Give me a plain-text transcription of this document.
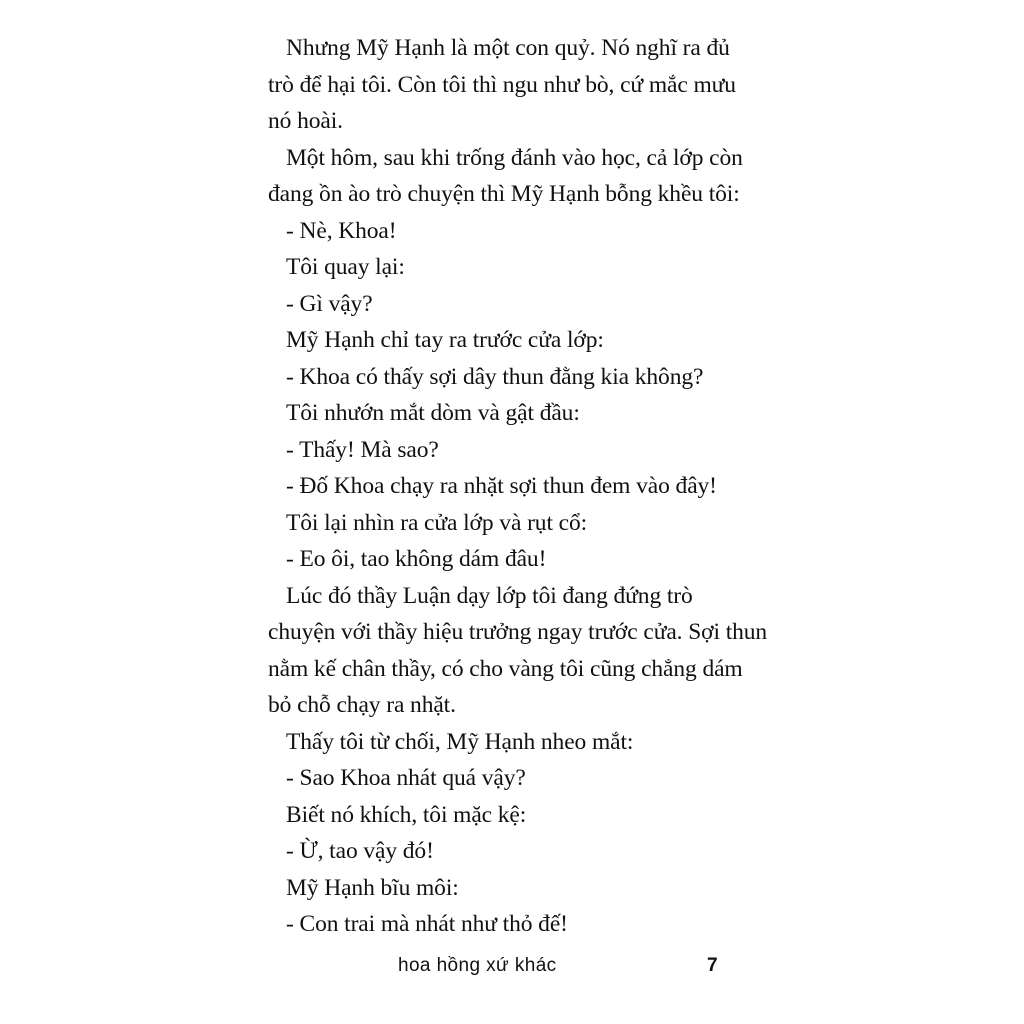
Nhưng Mỹ Hạnh là một con quỷ. Nó nghĩ ra đủ
trò để hại tôi. Còn tôi thì ngu như bò, cứ mắc mưu
nó hoài.
Một hôm, sau khi trống đánh vào học, cả lớp còn
đang ồn ào trò chuyện thì Mỹ Hạnh bỗng khều tôi:
- Nè, Khoa!
Tôi quay lại:
- Gì vậy?
Mỹ Hạnh chỉ tay ra trước cửa lớp:
- Khoa có thấy sợi dây thun đằng kia không?
Tôi nhướn mắt dòm và gật đầu:
- Thấy! Mà sao?
- Đố Khoa chạy ra nhặt sợi thun đem vào đây!
Tôi lại nhìn ra cửa lớp và rụt cổ:
- Eo ôi, tao không dám đâu!
Lúc đó thầy Luận dạy lớp tôi đang đứng trò
chuyện với thầy hiệu trưởng ngay trước cửa. Sợi thun
nằm kế chân thầy, có cho vàng tôi cũng chẳng dám
bỏ chỗ chạy ra nhặt.
Thấy tôi từ chối, Mỹ Hạnh nheo mắt:
- Sao Khoa nhát quá vậy?
Biết nó khích, tôi mặc kệ:
- Ừ, tao vậy đó!
Mỹ Hạnh bĩu môi:
- Con trai mà nhát như thỏ đế!
hoa hồng xứ khác	7
